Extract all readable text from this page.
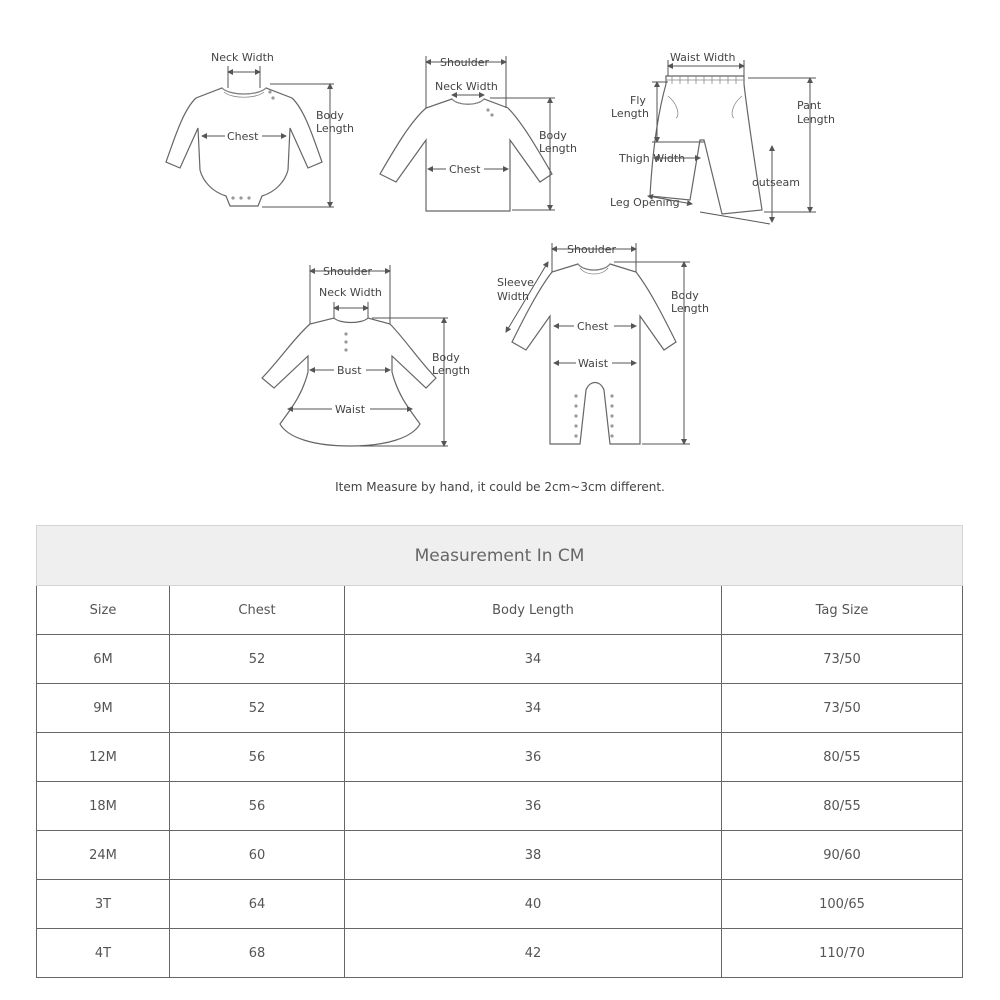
Neck Width
Chest
Body
Length
Shoulder
Neck Width
Chest
Body
Length
Waist Width
Fly
Length
Pant
Length
Thigh Width
outseam
Leg Opening
Shoulder
Neck Width
Bust
Waist
Body
Length
Shoulder
Sleeve
Width
Chest
Waist
Body
Length
Item Measure by hand, it could be 2cm~3cm different.
Measurement In CM			
Size	Chest	Body Length	Tag Size
6M	52	34	73/50
9M	52	34	73/50
12M	56	36	80/55
18M	56	36	80/55
24M	60	38	90/60
3T	64	40	100/65
4T	68	42	110/70
